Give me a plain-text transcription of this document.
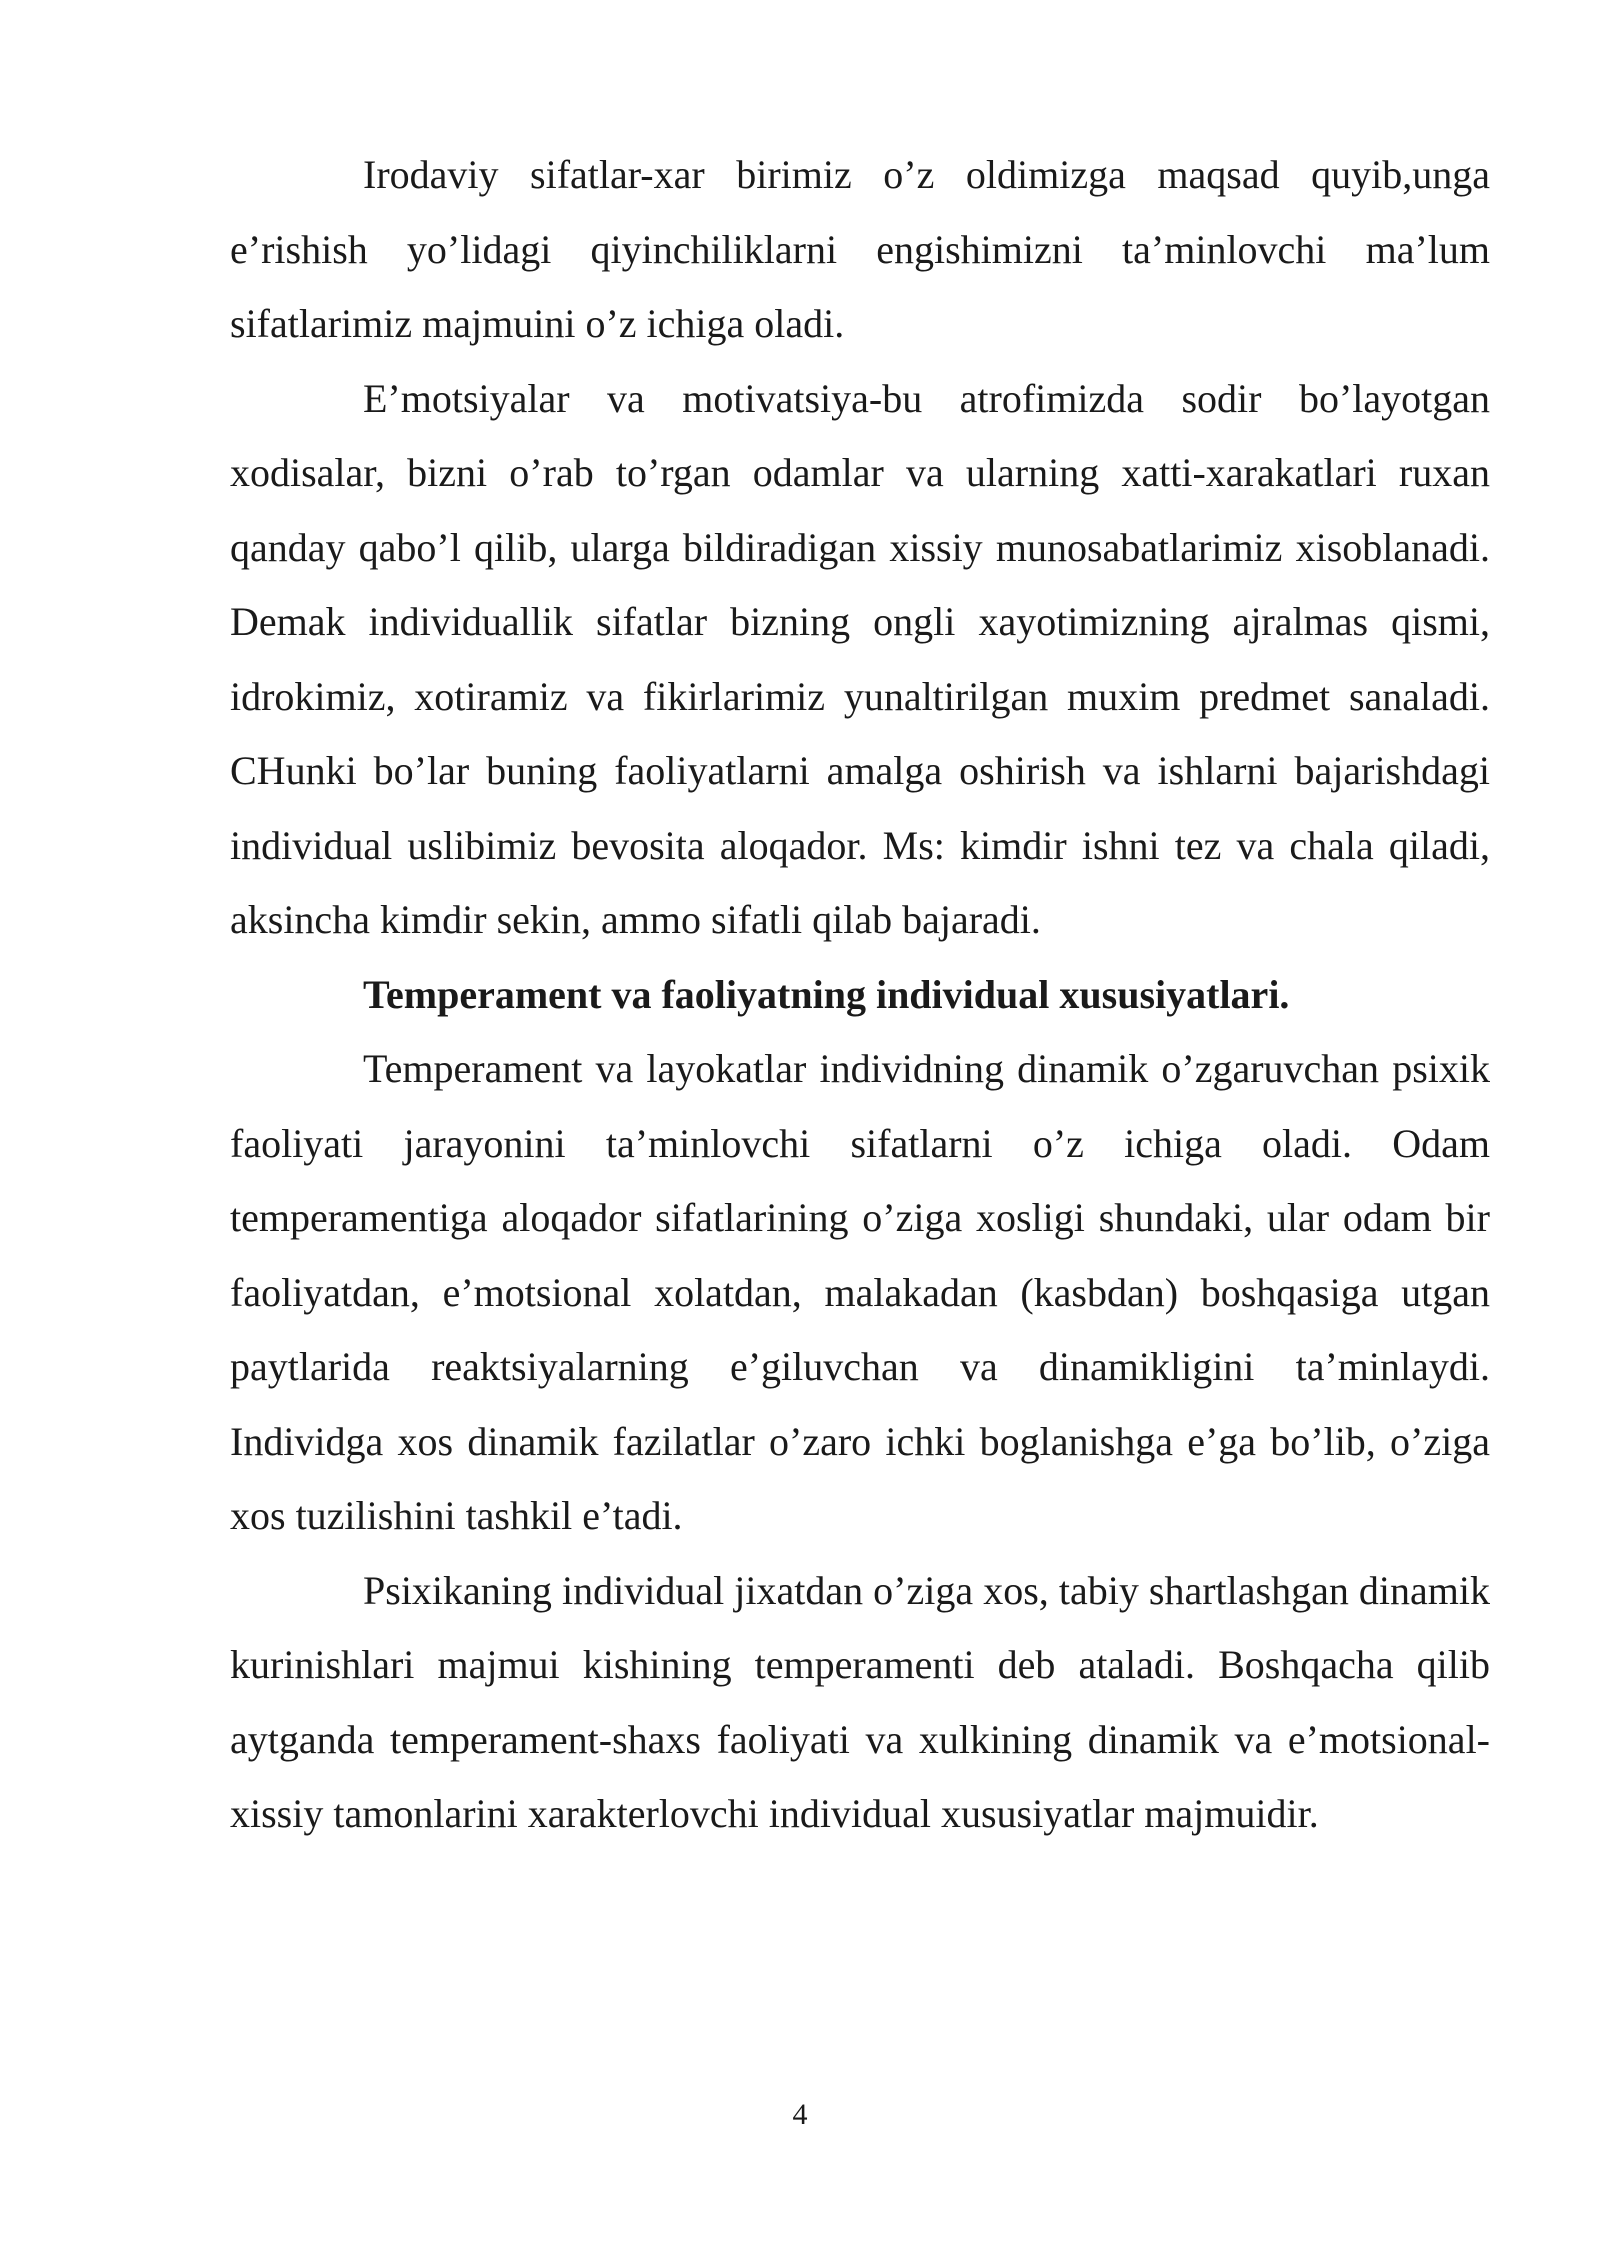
Irodaviy sifatlar-xar birimiz o’z oldimizga maqsad quyib,unga e’rishish yo’lidagi qiyinchiliklarni engishimizni ta’minlovchi ma’lum sifatlarimiz majmuini o’z ichiga oladi.

E’motsiyalar va motivatsiya-bu atrofimizda sodir bo’layotgan xodisalar, bizni o’rab to’rgan odamlar va ularning xatti-xarakatlari ruxan qanday qabo’l qilib, ularga bildiradigan xissiy munosabatlarimiz xisoblanadi. Demak individuallik sifatlar bizning ongli xayotimizning ajralmas qismi, idrokimiz, xotiramiz va fikirlarimiz yunaltirilgan muxim predmet sanaladi. CHunki bo’lar buning faoliyatlarni amalga oshirish va ishlarni bajarishdagi individual uslibimiz bevosita aloqador. Ms: kimdir ishni tez va chala qiladi, aksincha kimdir sekin, ammo sifatli qilab bajaradi.

Temperament va faoliyatning individual xususiyatlari.

Temperament va layokatlar individning dinamik o’zgaruvchan psixik faoliyati jarayonini ta’minlovchi sifatlarni o’z ichiga oladi. Odam temperamentiga aloqador sifatlarining o’ziga xosligi shundaki, ular odam bir faoliyatdan, e’motsional xolatdan, malakadan (kasbdan) boshqasiga utgan paytlarida reaktsiyalarning e’giluvchan va dinamikligini ta’minlaydi. Individga xos dinamik fazilatlar o’zaro ichki boglanishga e’ga bo’lib, o’ziga xos tuzilishini tashkil e’tadi.

Psixikaning individual jixatdan o’ziga xos, tabiy shartlashgan dinamik kurinishlari majmui kishining temperamenti deb ataladi. Boshqacha qilib aytganda temperament-shaxs faoliyati va xulkining dinamik va e’motsional-xissiy tamonlarini xarakterlovchi individual xususiyatlar majmuidir.

4
